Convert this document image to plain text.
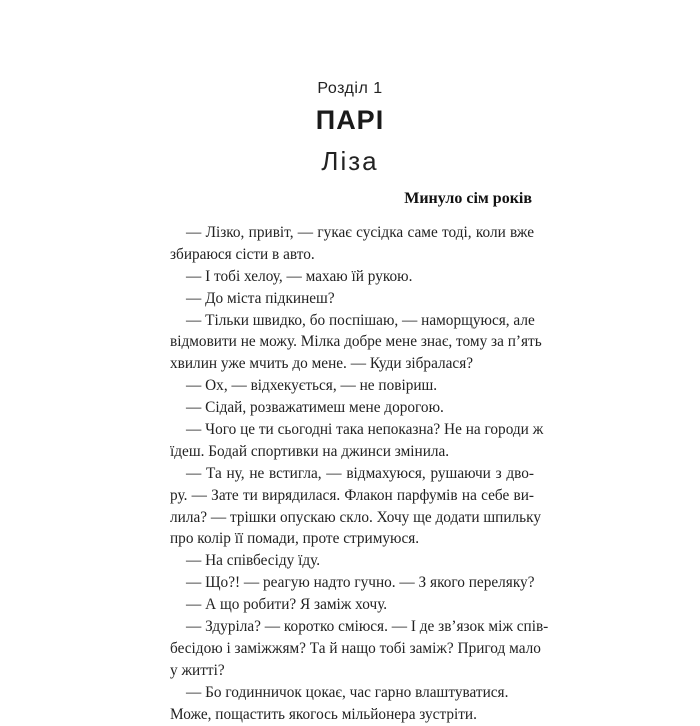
Розділ 1
ПАРІ
Ліза
Минуло сім років
— Лізко, привіт, — гукає сусідка саме тоді, коли вже
збираюся сісти в авто.
— І тобі хелоу, — махаю їй рукою.
— До міста підкинеш?
— Тільки швидко, бо поспішаю, — наморщуюся, але
відмовити не можу. Мілка добре мене знає, тому за п’ять
хвилин уже мчить до мене. — Куди зібралася?
— Ох, — відхекується, — не повіриш.
— Сідай, розважатимеш мене дорогою.
— Чого це ти сьогодні така непоказна? Не на городи ж
їдеш. Бодай спортивки на джинси змінила.
— Та ну, не встигла, — відмахуюся, рушаючи з дво-
ру. — Зате ти вирядилася. Флакон парфумів на себе ви-
лила? — трішки опускаю скло. Хочу ще додати шпильку
про колір її помади, проте стримуюся.
— На співбесіду їду.
— Що?! — реагую надто гучно. — З якого переляку?
— А що робити? Я заміж хочу.
— Здуріла? — коротко сміюся. — І де зв’язок між спів-
бесідою і заміжжям? Та й нащо тобі заміж? Пригод мало
у житті?
— Бо годинничок цокає, час гарно влаштуватися.
Може, пощастить якогось мільйонера зустріти.
